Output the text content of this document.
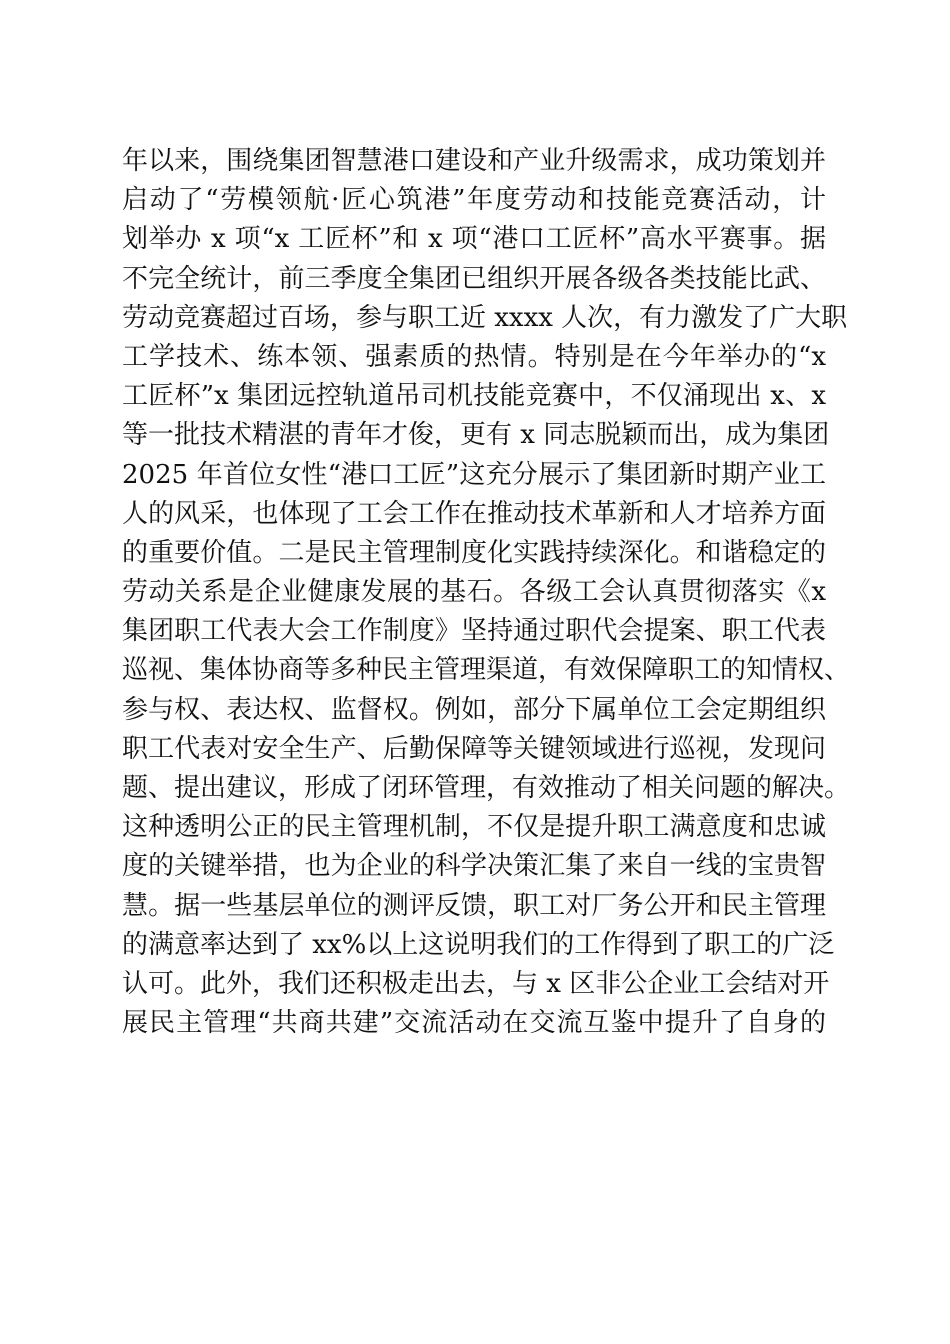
年以来，围绕集团智慧港口建设和产业升级需求，成功策划并
启动了“劳模领航·匠心筑港”年度劳动和技能竞赛活动，计
划举办 x 项“x 工匠杯”和 x 项“港口工匠杯”高水平赛事。据
不完全统计，前三季度全集团已组织开展各级各类技能比武、
劳动竞赛超过百场，参与职工近 xxxx 人次，有力激发了广大职
工学技术、练本领、强素质的热情。特别是在今年举办的“x
工匠杯”x 集团远控轨道吊司机技能竞赛中，不仅涌现出 x、x
等一批技术精湛的青年才俊，更有 x 同志脱颖而出，成为集团
2025 年首位女性“港口工匠”这充分展示了集团新时期产业工
人的风采，也体现了工会工作在推动技术革新和人才培养方面
的重要价值。二是民主管理制度化实践持续深化。和谐稳定的
劳动关系是企业健康发展的基石。各级工会认真贯彻落实《x
集团职工代表大会工作制度》坚持通过职代会提案、职工代表
巡视、集体协商等多种民主管理渠道，有效保障职工的知情权、
参与权、表达权、监督权。例如，部分下属单位工会定期组织
职工代表对安全生产、后勤保障等关键领域进行巡视，发现问
题、提出建议，形成了闭环管理，有效推动了相关问题的解决。
这种透明公正的民主管理机制，不仅是提升职工满意度和忠诚
度的关键举措，也为企业的科学决策汇集了来自一线的宝贵智
慧。据一些基层单位的测评反馈，职工对厂务公开和民主管理
的满意率达到了 xx%以上这说明我们的工作得到了职工的广泛
认可。此外，我们还积极走出去，与 x 区非公企业工会结对开
展民主管理“共商共建”交流活动在交流互鉴中提升了自身的
